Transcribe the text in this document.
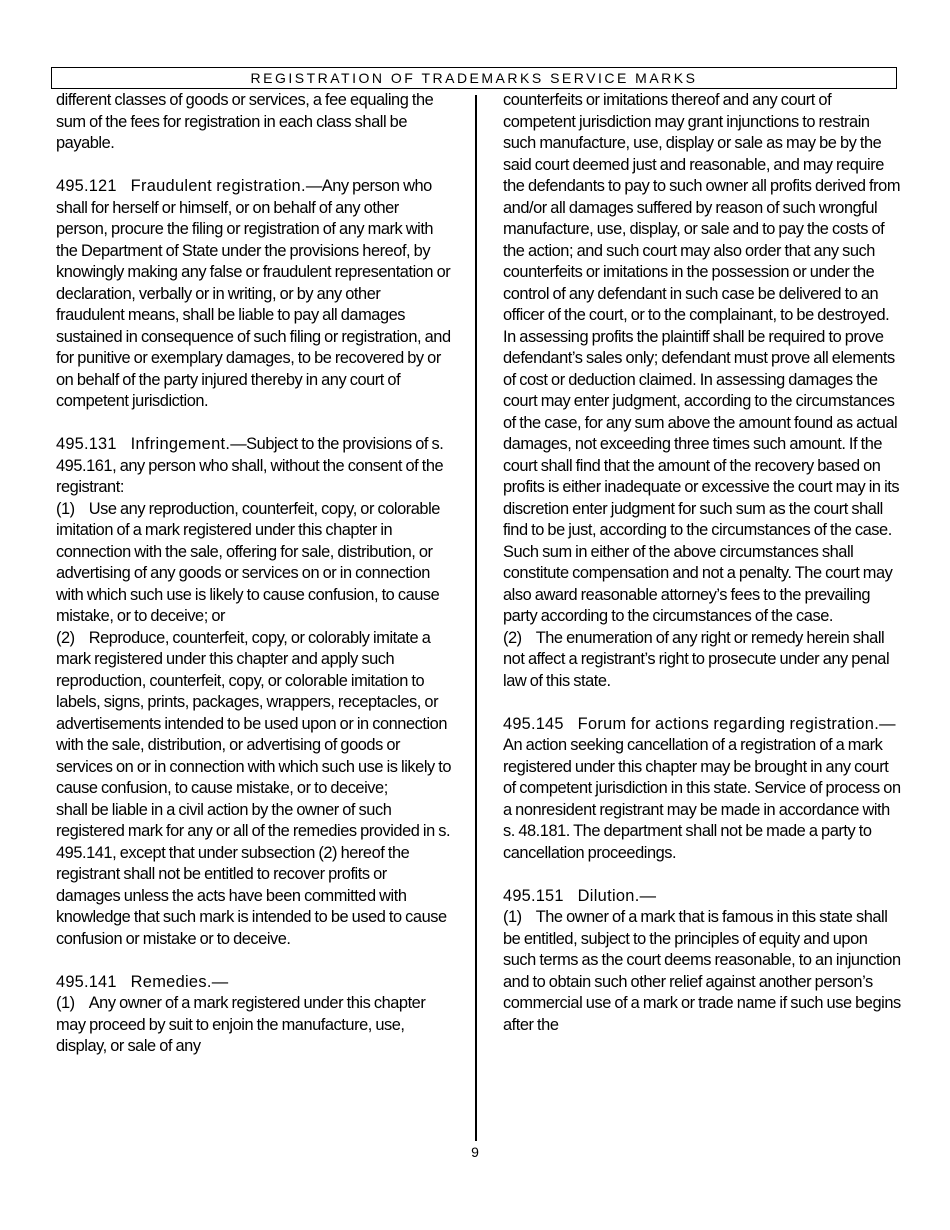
REGISTRATION OF TRADEMARKS SERVICE MARKS

different classes of goods or services, a fee equaling the sum of the fees for registration in each class shall be payable.

495.121 Fraudulent registration.—Any person who shall for herself or himself, or on behalf of any other person, procure the filing or registration of any mark with the Department of State under the provisions hereof, by knowingly making any false or fraudulent representation or declaration, verbally or in writing, or by any other fraudulent means, shall be liable to pay all damages sustained in consequence of such filing or registration, and for punitive or exemplary damages, to be recovered by or on behalf of the party injured thereby in any court of competent jurisdiction.

495.131 Infringement.—Subject to the provisions of s. 495.161, any person who shall, without the consent of the registrant:

(1) Use any reproduction, counterfeit, copy, or colorable imitation of a mark registered under this chapter in connection with the sale, offering for sale, distribution, or advertising of any goods or services on or in connection with which such use is likely to cause confusion, to cause mistake, or to deceive; or

(2) Reproduce, counterfeit, copy, or colorably imitate a mark registered under this chapter and apply such reproduction, counterfeit, copy, or colorable imitation to labels, signs, prints, packages, wrappers, receptacles, or advertisements intended to be used upon or in connection with the sale, distribution, or advertising of goods or services on or in connection with which such use is likely to cause confusion, to cause mistake, or to deceive;

shall be liable in a civil action by the owner of such registered mark for any or all of the remedies provided in s. 495.141, except that under subsection (2) hereof the registrant shall not be entitled to recover profits or damages unless the acts have been committed with knowledge that such mark is intended to be used to cause confusion or mistake or to deceive.

495.141 Remedies.—

(1) Any owner of a mark registered under this chapter may proceed by suit to enjoin the manufacture, use, display, or sale of any

counterfeits or imitations thereof and any court of competent jurisdiction may grant injunctions to restrain such manufacture, use, display or sale as may be by the said court deemed just and reasonable, and may require the defendants to pay to such owner all profits derived from and/or all damages suffered by reason of such wrongful manufacture, use, display, or sale and to pay the costs of the action; and such court may also order that any such counterfeits or imitations in the possession or under the control of any defendant in such case be delivered to an officer of the court, or to the complainant, to be destroyed. In assessing profits the plaintiff shall be required to prove defendant’s sales only; defendant must prove all elements of cost or deduction claimed. In assessing damages the court may enter judgment, according to the circumstances of the case, for any sum above the amount found as actual damages, not exceeding three times such amount. If the court shall find that the amount of the recovery based on profits is either inadequate or excessive the court may in its discretion enter judgment for such sum as the court shall find to be just, according to the circumstances of the case. Such sum in either of the above circumstances shall constitute compensation and not a penalty. The court may also award reasonable attorney’s fees to the prevailing party according to the circumstances of the case.

(2) The enumeration of any right or remedy herein shall not affect a registrant’s right to prosecute under any penal law of this state.

495.145 Forum for actions regarding registration.—An action seeking cancellation of a registration of a mark registered under this chapter may be brought in any court of competent jurisdiction in this state. Service of process on a nonresident registrant may be made in accordance with s. 48.181. The department shall not be made a party to cancellation proceedings.

495.151 Dilution.—

(1) The owner of a mark that is famous in this state shall be entitled, subject to the principles of equity and upon such terms as the court deems reasonable, to an injunction and to obtain such other relief against another person’s commercial use of a mark or trade name if such use begins after the

9
